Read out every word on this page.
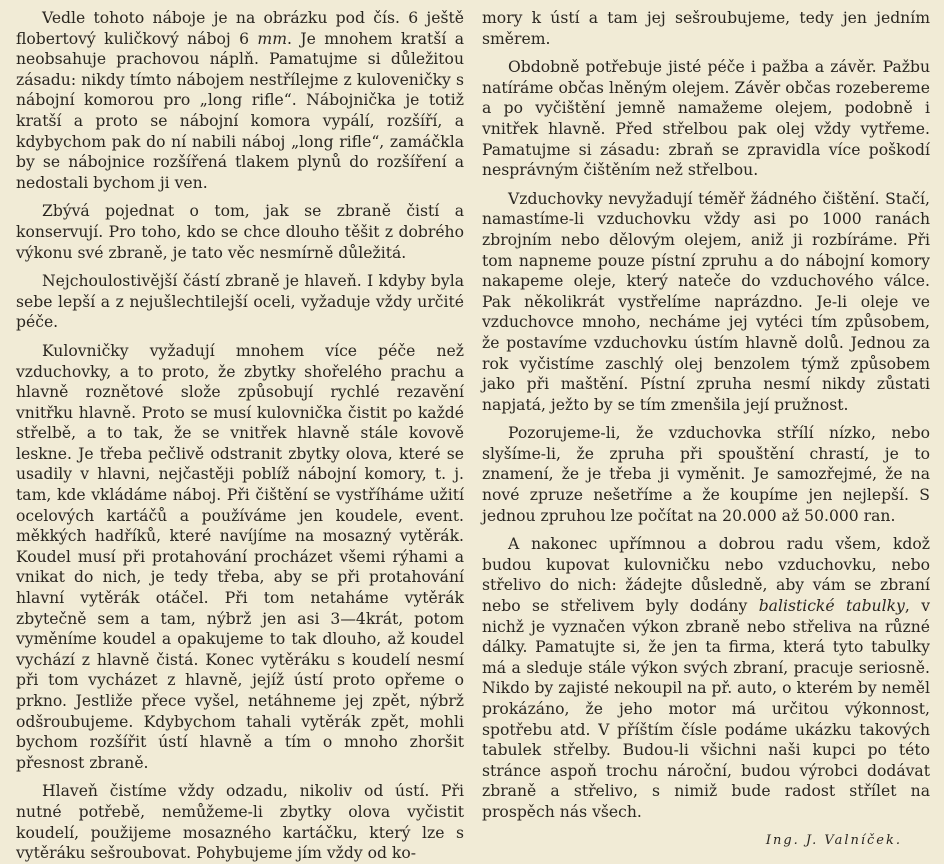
Vedle tohoto náboje je na obrázku pod čís. 6 ještě flobertový kuličkový náboj 6 mm. Je mnohem kratší a neobsahuje prachovou náplň. Pamatujme si důležitou zásadu: nikdy tímto nábojem nestřílejme z kuloveničky s nábojní komorou pro „long rifle“. Nábojnička je totiž kratší a proto se nábojní komora vypálí, rozšíří, a kdybychom pak do ní nabili náboj „long rifle“, zamáčkla by se nábojnice rozšířená tlakem plynů do rozšíření a nedostali bychom ji ven.

Zbývá pojednat o tom, jak se zbraně čistí a konservují. Pro toho, kdo se chce dlouho těšit z dobrého výkonu své zbraně, je tato věc nesmírně důležitá.

Nejchoulostivější částí zbraně je hlaveň. I kdyby byla sebe lepší a z nejušlechtilejší oceli, vyžaduje vždy určité péče.

Kulovničky vyžadují mnohem více péče než vzduchovky, a to proto, že zbytky shořelého prachu a hlavně roznětové slože způsobují rychlé rezavění vnitřku hlavně. Proto se musí kulovnička čistit po každé střelbě, a to tak, že se vnitřek hlavně stále kovově leskne. Je třeba pečlivě odstranit zbytky olova, které se usadily v hlavni, nejčastěji poblíž nábojní komory, t. j. tam, kde vkládáme náboj. Při čištění se vystříháme užití ocelových kartáčů a používáme jen koudele, event. měkkých hadříků, které navíjíme na mosazný vytěrák. Koudel musí při protahování procházet všemi rýhami a vnikat do nich, je tedy třeba, aby se při protahování hlavní vytěrák otáčel. Při tom netaháme vytěrák zbytečně sem a tam, nýbrž jen asi 3—4krát, potom vyměníme koudel a opakujeme to tak dlouho, až koudel vychází z hlavně čistá. Konec vytěráku s koudelí nesmí při tom vycházet z hlavně, jejíž ústí proto opřeme o prkno. Jestliže přece vyšel, netáhneme jej zpět, nýbrž odšroubujeme. Kdybychom tahali vytěrák zpět, mohli bychom rozšířit ústí hlavně a tím o mnoho zhoršit přesnost zbraně.

Hlaveň čistíme vždy odzadu, nikoliv od ústí. Při nutné potřebě, nemůžeme-li zbytky olova vyčistit koudelí, použijeme mosazného kartáčku, který lze s vytěráku sešroubovat. Pohybujeme jím vždy od ko-

mory k ústí a tam jej sešroubujeme, tedy jen jedním směrem.

Obdobně potřebuje jisté péče i pažba a závěr. Pažbu natíráme občas lněným olejem. Závěr občas rozebereme a po vyčištění jemně namažeme olejem, podobně i vnitřek hlavně. Před střelbou pak olej vždy vytřeme. Pamatujme si zásadu: zbraň se zpravidla více poškodí nesprávným čištěním než střelbou.

Vzduchovky nevyžadují téměř žádného čištění. Stačí, namastíme-li vzduchovku vždy asi po 1000 ranách zbrojním nebo dělovým olejem, aniž ji rozbíráme. Při tom napneme pouze pístní zpruhu a do nábojní komory nakapeme oleje, který nateče do vzduchového válce. Pak několikrát vystřelíme naprázdno. Je-li oleje ve vzduchovce mnoho, necháme jej vytéci tím způsobem, že postavíme vzduchovku ústím hlavně dolů. Jednou za rok vyčistíme zaschlý olej benzolem týmž způsobem jako při maštění. Pístní zpruha nesmí nikdy zůstati napjatá, ježto by se tím zmenšila její pružnost.

Pozorujeme-li, že vzduchovka střílí nízko, nebo slyšíme-li, že zpruha při spouštění chrastí, je to znamení, že je třeba ji vyměnit. Je samozřejmé, že na nové zpruze nešetříme a že koupíme jen nejlepší. S jednou zpruhou lze počítat na 20.000 až 50.000 ran.

A nakonec upřímnou a dobrou radu všem, kdož budou kupovat kulovničku nebo vzduchovku, nebo střelivo do nich: žádejte důsledně, aby vám se zbraní nebo se střelivem byly dodány balistické tabulky, v nichž je vyznačen výkon zbraně nebo střeliva na různé dálky. Pamatujte si, že jen ta firma, která tyto tabulky má a sleduje stále výkon svých zbraní, pracuje seriosně. Nikdo by zajisté nekoupil na př. auto, o kterém by neměl prokázáno, že jeho motor má určitou výkonnost, spotřebu atd. V příštím čísle podáme ukázku takových tabulek střelby. Budou-li všichni naši kupci po této stránce aspoň trochu nároční, budou výrobci dodávat zbraně a střelivo, s nimiž bude radost střílet na prospěch nás všech.

Ing. J. Valníček.
